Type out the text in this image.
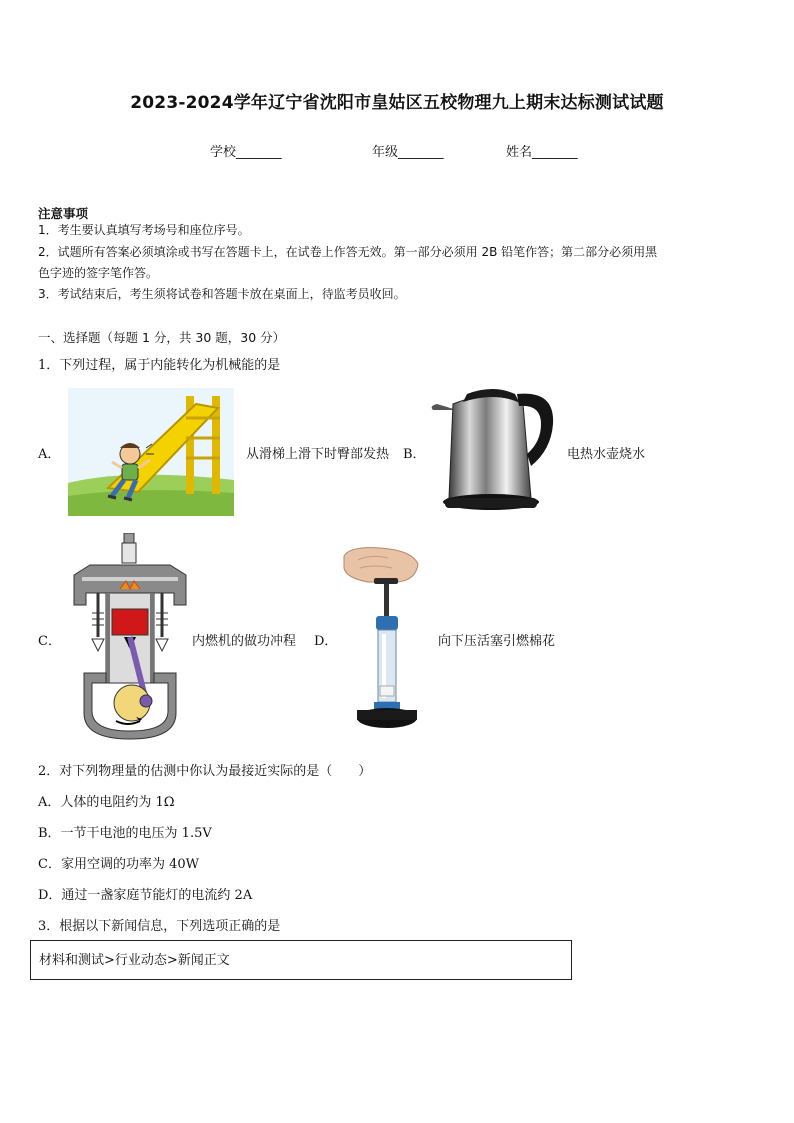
2023-2024学年辽宁省沈阳市皇姑区五校物理九上期末达标测试试题
学校_______	年级_______	姓名_______
注意事项
1．考生要认真填写考场号和座位序号。
2．试题所有答案必须填涂或书写在答题卡上，在试卷上作答无效。第一部分必须用 2B 铅笔作答；第二部分必须用黑
色字迹的签字笔作答。
3．考试结束后，考生须将试卷和答题卡放在桌面上，待监考员收回。
一、选择题（每题 1 分，共 30 题，30 分）
1．下列过程，属于内能转化为机械能的是
A．	从滑梯上滑下时臀部发热 B．	电热水壶烧水
C．	内燃机的做功冲程 D．	向下压活塞引燃棉花
2．对下列物理量的估测中你认为最接近实际的是（　　）
A．人体的电阻约为 1Ω
B．一节干电池的电压为 1.5V
C．家用空调的功率为 40W
D．通过一盏家庭节能灯的电流约 2A
3．根据以下新闻信息，下列选项正确的是
材料和测试>行业动态>新闻正文
